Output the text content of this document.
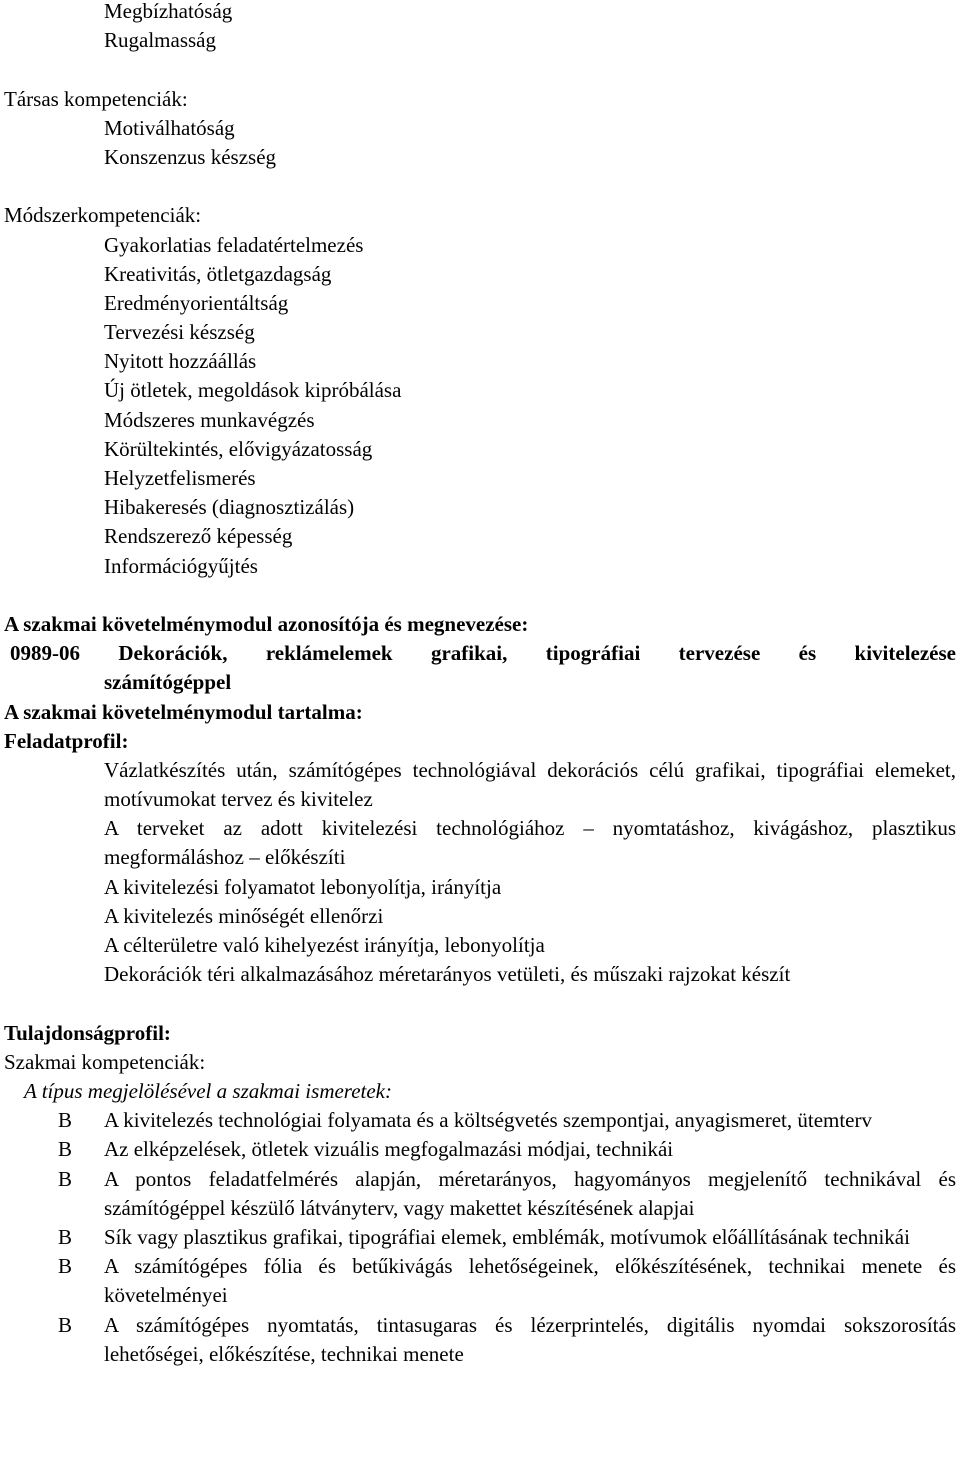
Megbízhatóság
Rugalmasság
Társas kompetenciák:
Motiválhatóság
Konszenzus készség
Módszerkompetenciák:
Gyakorlatias feladatértelmezés
Kreativitás, ötletgazdagság
Eredményorientáltság
Tervezési készség
Nyitott hozzáállás
Új ötletek, megoldások kipróbálása
Módszeres munkavégzés
Körültekintés, elővigyázatosság
Helyzetfelismerés
Hibakeresés (diagnosztizálás)
Rendszerező képesség
Információgyűjtés
A szakmai követelménymodul azonosítója és megnevezése:
0989-06 Dekorációk, reklámelemek grafikai, tipográfiai tervezése és kivitelezése
számítógéppel
A szakmai követelménymodul tartalma:
Feladatprofil:
Vázlatkészítés után, számítógépes technológiával dekorációs célú grafikai, tipográfiai elemeket, motívumokat tervez és kivitelez
A terveket az adott kivitelezési technológiához – nyomtatáshoz, kivágáshoz, plasztikus megformáláshoz – előkészíti
A kivitelezési folyamatot lebonyolítja, irányítja
A kivitelezés minőségét ellenőrzi
A célterületre való kihelyezést irányítja, lebonyolítja
Dekorációk téri alkalmazásához méretarányos vetületi, és műszaki rajzokat készít
Tulajdonságprofil:
Szakmai kompetenciák:
A típus megjelölésével a szakmai ismeretek:
B	A kivitelezés technológiai folyamata és a költségvetés szempontjai, anyagismeret, ütemterv
B	Az elképzelések, ötletek vizuális megfogalmazási módjai, technikái
B	A pontos feladatfelmérés alapján, méretarányos, hagyományos megjelenítő technikával és számítógéppel készülő látványterv, vagy makettet készítésének alapjai
B	Sík vagy plasztikus grafikai, tipográfiai elemek, emblémák, motívumok előállításának technikái
B	A számítógépes fólia és betűkivágás lehetőségeinek, előkészítésének, technikai menete és követelményei
B	A számítógépes nyomtatás, tintasugaras és lézerprintelés, digitális nyomdai sokszorosítás lehetőségei, előkészítése, technikai menete
